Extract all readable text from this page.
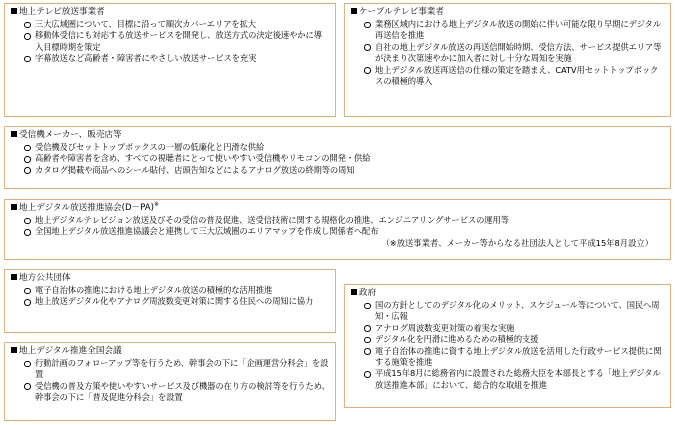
地上テレビ放送事業者
三大広域圏について、目標に沿って順次カバーエリアを拡大
移動体受信にも対応する放送サービスを開発し、放送方式の決定後速やかに導入目標時期を策定
字幕放送など高齢者・障害者にやさしい放送サービスを充実
ケーブルテレビ事業者
業務区域内における地上デジタル放送の開始に伴い可能な限り早期にデジタル再送信を推進
自社の地上デジタル放送の再送信開始時期、受信方法、サービス提供エリア等が決まり次第速やかに加入者に対し十分な周知を実施
地上デジタル放送再送信の仕様の策定を踏まえ、CATV用セットトップボックスの積極的導入
受信機メーカー、販売店等
受信機及びセットトップボックスの一層の低廉化と円滑な供給
高齢者や障害者を含め、すべての視聴者にとって使いやすい受信機やリモコンの開発・供給
カタログ掲載や商品へのシール貼付、店頭告知などによるアナログ放送の終期等の周知
地上デジタル放送推進協会(D－PA)※
地上デジタルテレビジョン放送及びその受信の普及促進、送受信技術に関する規格化の推進、エンジニアリングサービスの運用等
全国地上デジタル放送推進協議会と連携して三大広域圏のエリアマップを作成し関係者へ配布
（※放送事業者、メーカー等からなる社団法人として平成15年8月設立）
地方公共団体
電子自治体の推進における地上デジタル放送の積極的な活用推進
地上放送デジタル化やアナログ周波数変更対策に関する住民への周知に協力
地上デジタル推進全国会議
行動計画のフォローアップ等を行うため、幹事会の下に「企画運営分科会」を設置
受信機の普及方策や使いやすいサービス及び機器の在り方の検討等を行うため、幹事会の下に「普及促進分科会」を設置
政府
国の方針としてのデジタル化のメリット、スケジュール等について、国民へ周知・広報
アナログ周波数変更対策の着実な実施
デジタル化を円滑に進めるための積極的支援
電子自治体の推進に資する地上デジタル放送を活用した行政サービス提供に関する施策を推進
平成15年8月に総務省内に設置された総務大臣を本部長とする「地上デジタル放送推進本部」において、総合的な取組を推進
